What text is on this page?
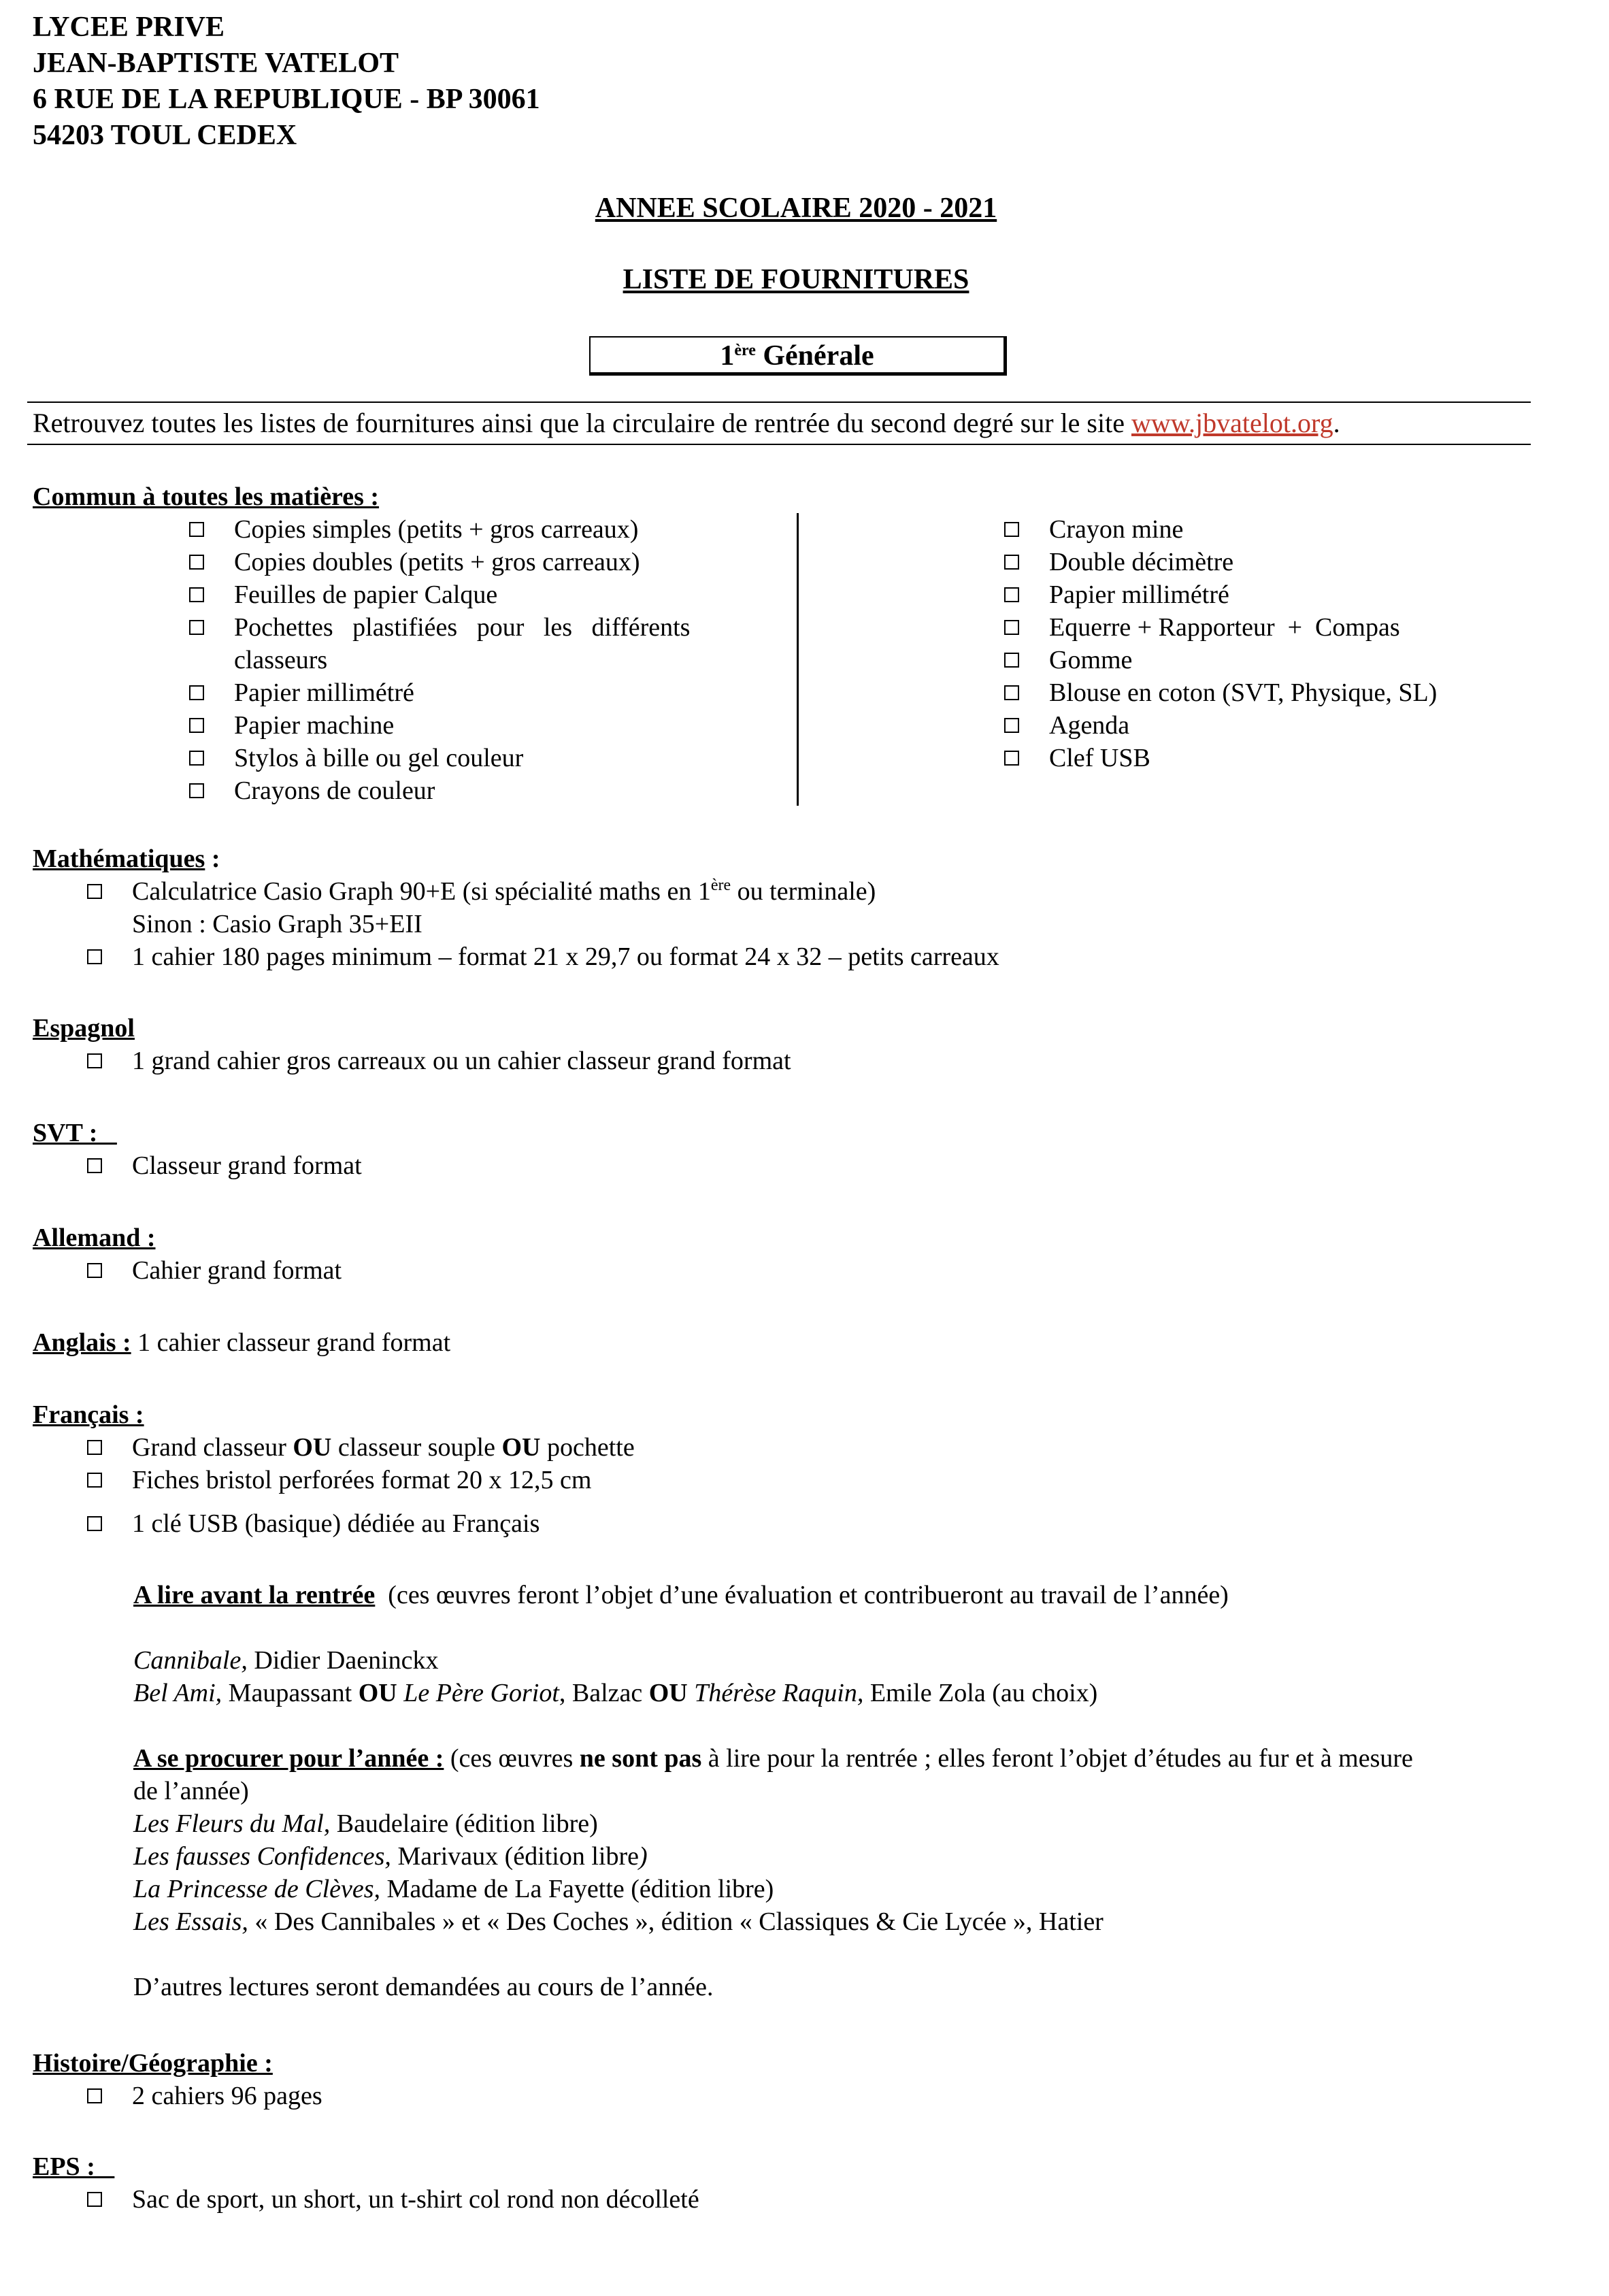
LYCEE PRIVE
JEAN-BAPTISTE VATELOT
6 RUE DE LA REPUBLIQUE - BP 30061
54203 TOUL CEDEX
ANNEE SCOLAIRE 2020 - 2021
LISTE DE FOURNITURES
1ère Générale
Retrouvez toutes les listes de fournitures ainsi que la circulaire de rentrée du second degré sur le site www.jbvatelot.org.
Commun à toutes les matières :
Copies simples (petits + gros carreaux)
Copies doubles (petits + gros carreaux)
Feuilles de papier Calque
Pochettes   plastifiées   pour   les   différents
classeurs
Papier millimétré
Papier machine
Stylos à bille ou gel couleur
Crayons de couleur
Crayon mine
Double décimètre
Papier millimétré
Equerre + Rapporteur  +  Compas
Gomme
Blouse en coton (SVT, Physique, SL)
Agenda
Clef USB
Mathématiques :
Calculatrice Casio Graph 90+E (si spécialité maths en 1ère ou terminale)
Sinon : Casio Graph 35+EII
1 cahier 180 pages minimum – format 21 x 29,7 ou format 24 x 32 – petits carreaux
Espagnol
1 grand cahier gros carreaux ou un cahier classeur grand format
SVT :
Classeur grand format
Allemand :
Cahier grand format
Anglais : 1 cahier classeur grand format
Français :
Grand classeur OU classeur souple OU pochette
Fiches bristol perforées format 20 x 12,5 cm
1 clé USB (basique) dédiée au Français
A lire avant la rentrée  (ces œuvres feront l’objet d’une évaluation et contribueront au travail de l’année)
Cannibale, Didier Daeninckx
Bel Ami, Maupassant OU Le Père Goriot, Balzac OU Thérèse Raquin, Emile Zola (au choix)
A se procurer pour l’année : (ces œuvres ne sont pas à lire pour la rentrée ; elles feront l’objet d’études au fur et à mesure
de l’année)
Les Fleurs du Mal, Baudelaire (édition libre)
Les fausses Confidences, Marivaux (édition libre)
La Princesse de Clèves, Madame de La Fayette (édition libre)
Les Essais, « Des Cannibales » et « Des Coches », édition « Classiques & Cie Lycée », Hatier
D’autres lectures seront demandées au cours de l’année.
Histoire/Géographie :
2 cahiers 96 pages
EPS :
Sac de sport, un short, un t-shirt col rond non décolleté
